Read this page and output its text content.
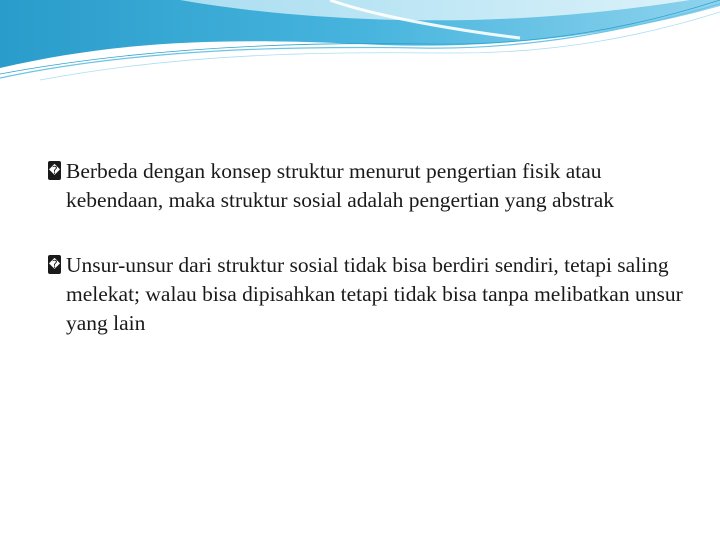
� Berbeda dengan konsep struktur menurut pengertian fisik atau kebendaan, maka struktur sosial adalah pengertian yang abstrak
� Unsur-unsur dari struktur sosial tidak bisa berdiri sendiri, tetapi saling melekat; walau bisa dipisahkan tetapi tidak bisa tanpa melibatkan unsur yang lain
